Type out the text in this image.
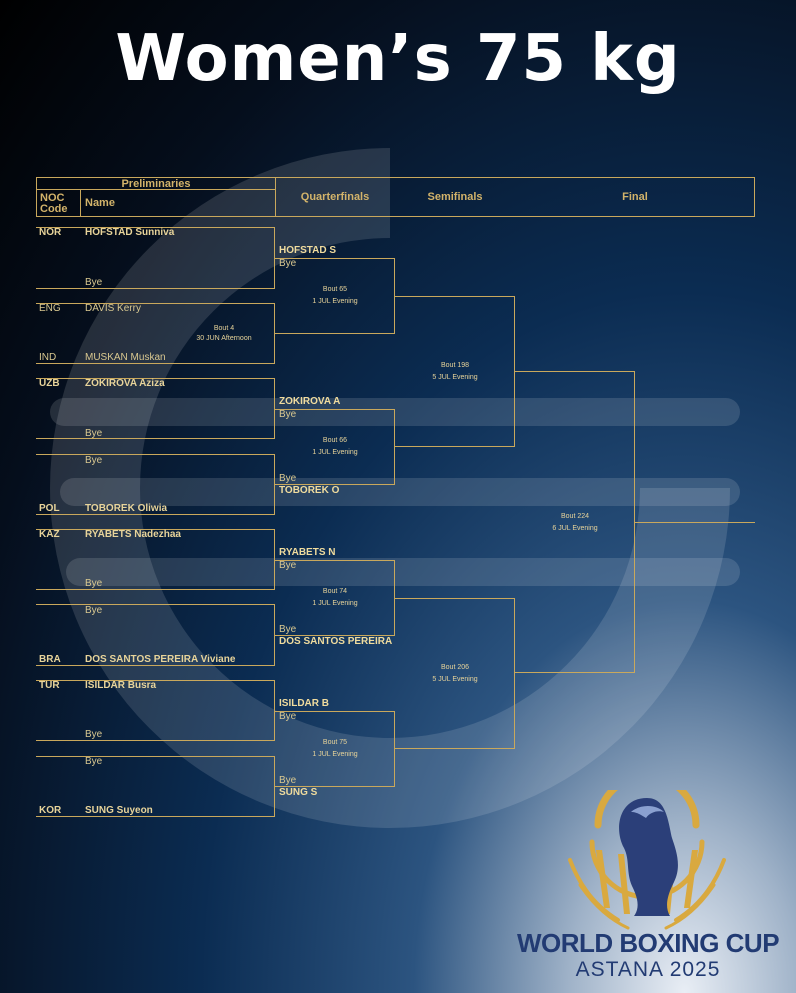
Women’s 75 kg
Preliminaries
NOC
Code Name	Quarterfinals	Semifinals	Final
NOR HOFSTAD Sunniva
Bye
ENG DAVIS Kerry
Bout 4
30 JUN Afternoon
IND	MUSKAN Muskan
UZB	ZOKIROVA Aziza
Bye
Bye
POL	TOBOREK Oliwia
KAZ	RYABETS Nadezhaa
Bye
Bye
BRA DOS SANTOS PEREIRA Viviane
TUR	ISILDAR Busra
Bye
Bye
KOR SUNG Suyeon
HOFSTAD S
Bye
Bout 65
1 JUL Evening
ZOKIROVA A
Bye
Bout 66
1 JUL Evening
Bye
TOBOREK O
RYABETS N
Bye
Bout 74
1 JUL Evening
Bye
DOS SANTOS PEREIRA
ISILDAR B
Bye
Bout 75
1 JUL Evening
Bye
SUNG S
Bout 198
5 JUL Evening
Bout 206
5 JUL Evening
Bout 224
6 JUL Evening
WORLD BOXING CUP
ASTANA 2025
